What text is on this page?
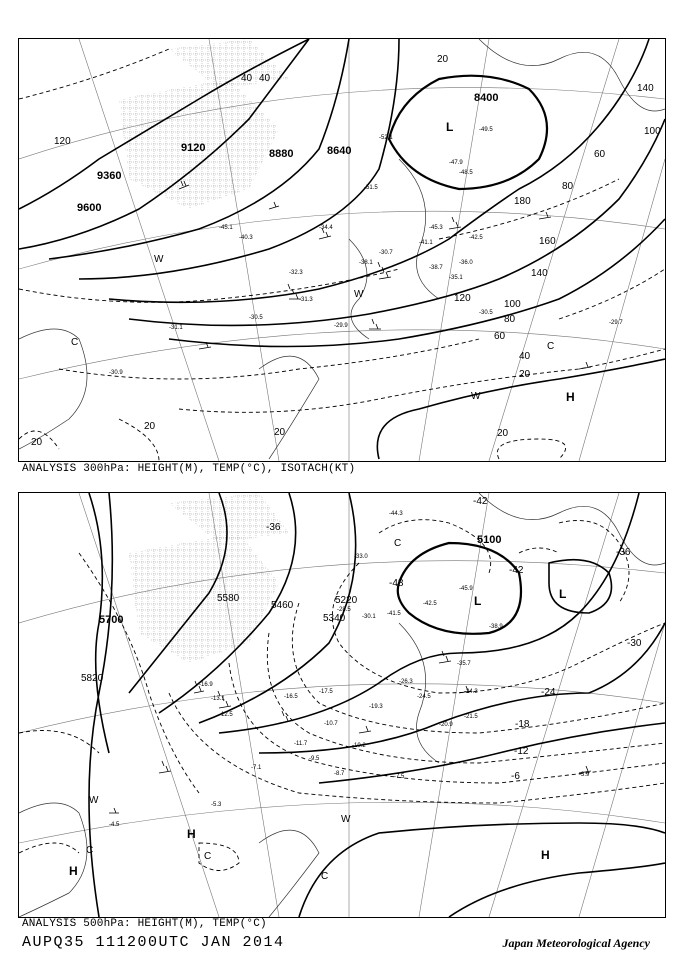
-47.9
-49.5
-51.5
-41.1
-36.0
-30.7
-32.3
-29.9	-29.7
-30.5
-31.3
-30.5
-31.1
-30.9
-38.7
-40.3
-45.3
-42.5
-35.1
-34.4
-38.1
-45.1
-48.5
-52.1
9600
9360
9120	8880	8640
8400
20
40
60
80
100
120
140
160
180
120
140
100
80
60
40
20
20
20
40
20
20
L
H
W
W
W
C	C
ANALYSIS 300hPa: HEIGHT(M), TEMP(°C), ISOTACH(KT)
-45.9
-42.5
-44.3
-38.9
-41.5
-35.7
-33.0
-26.3
-24.5
-19.3
-17.5
-16.5
-12.5
-10.7
-7.5
-8.7
-7.1
-5.3
-4.5
-3.9
-20.9
-21.5
-24.3
-30.1
-28.5
-16.9
-13.1
-11.7	-10.2
-9.5
5820
5700
5580
5460
5340
5220
5100
-48
-42
-42
-36
-36
-30
-24
-18
-12
-6
L	L
H
H
H
W
W
C
C
C
C
ANALYSIS 500hPa: HEIGHT(M), TEMP(°C)
AUPQ35 111200UTC JAN 2014	Japan Meteorological Agency
